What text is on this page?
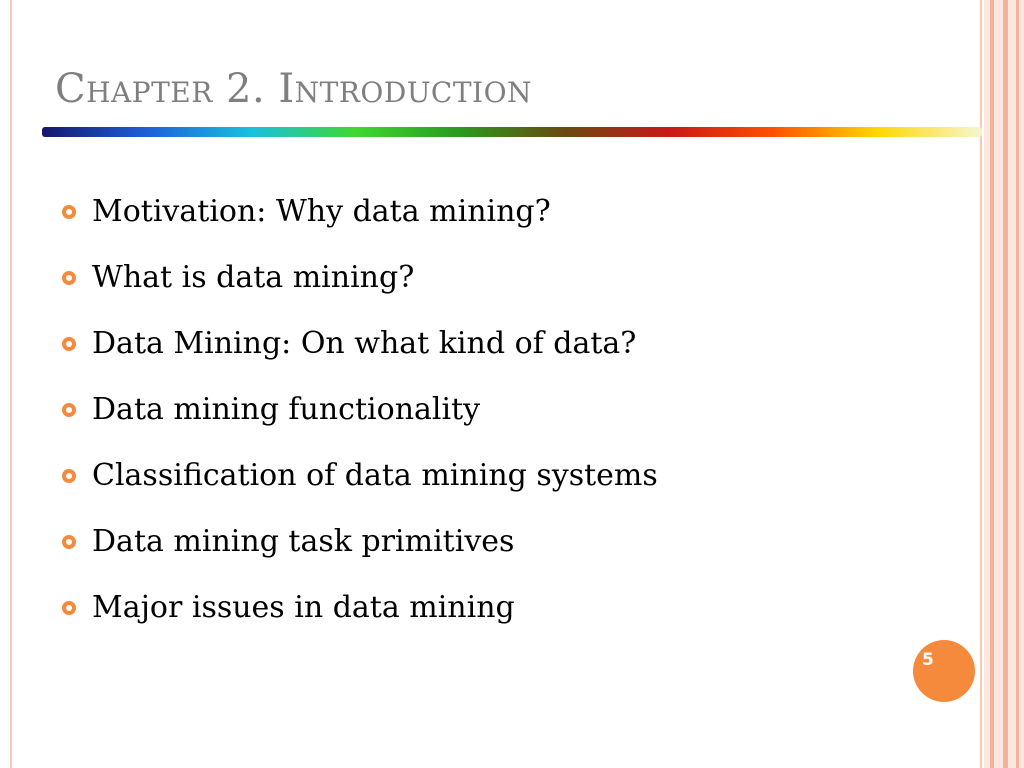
Chapter 2. Introduction
Motivation: Why data mining?
What is data mining?
Data Mining: On what kind of data?
Data mining functionality
Classification of data mining systems
Data mining task primitives
Major issues in data mining
5
